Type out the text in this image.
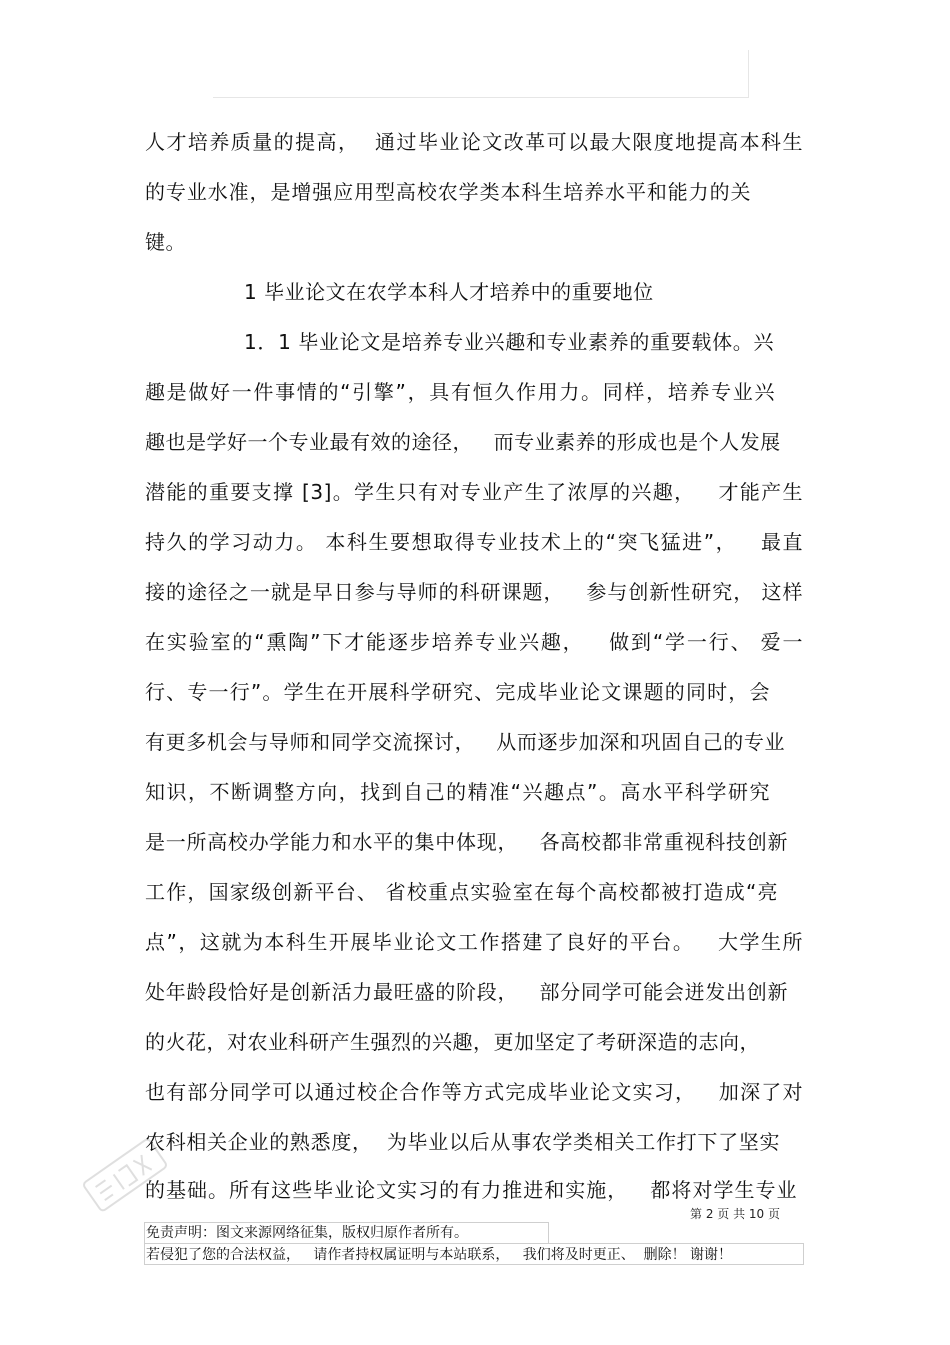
人才培养质量的提高，  通过毕业论文改革可以最大限度地提高本科生
的专业水准，是增强应用型高校农学类本科生培养水平和能力的关
键。
1 毕业论文在农学本科人才培养中的重要地位
1．1 毕业论文是培养专业兴趣和专业素养的重要载体。兴
趣是做好一件事情的“引擎”，具有恒久作用力。同样，培养专业兴
趣也是学好一个专业最有效的途径，   而专业素养的形成也是个人发展
潜能的重要支撑 [3]。学生只有对专业产生了浓厚的兴趣，   才能产生
持久的学习动力。 本科生要想取得专业技术上的“突飞猛进”，   最直
接的途径之一就是早日参与导师的科研课题，   参与创新性研究， 这样
在实验室的“熏陶”下才能逐步培养专业兴趣，   做到“学一行、 爱一
行、专一行”。学生在开展科学研究、完成毕业论文课题的同时，会
有更多机会与导师和同学交流探讨，   从而逐步加深和巩固自己的专业
知识，不断调整方向，找到自己的精准“兴趣点”。高水平科学研究
是一所高校办学能力和水平的集中体现，   各高校都非常重视科技创新
工作，国家级创新平台、 省校重点实验室在每个高校都被打造成“亮
点”，这就为本科生开展毕业论文工作搭建了良好的平台。   大学生所
处年龄段恰好是创新活力最旺盛的阶段，   部分同学可能会迸发出创新
的火花，对农业科研产生强烈的兴趣，更加坚定了考研深造的志向，
也有部分同学可以通过校企合作等方式完成毕业论文实习，   加深了对
农科相关企业的熟悉度，  为毕业以后从事农学类相关工作打下了坚实
的基础。所有这些毕业论文实习的有力推进和实施，   都将对学生专业
第 2 页 共 10 页
免责声明：图文来源网络征集，版权归原作者所有。
若侵犯了您的合法权益，   请作者持权属证明与本站联系，   我们将及时更正、  删除！ 谢谢！
